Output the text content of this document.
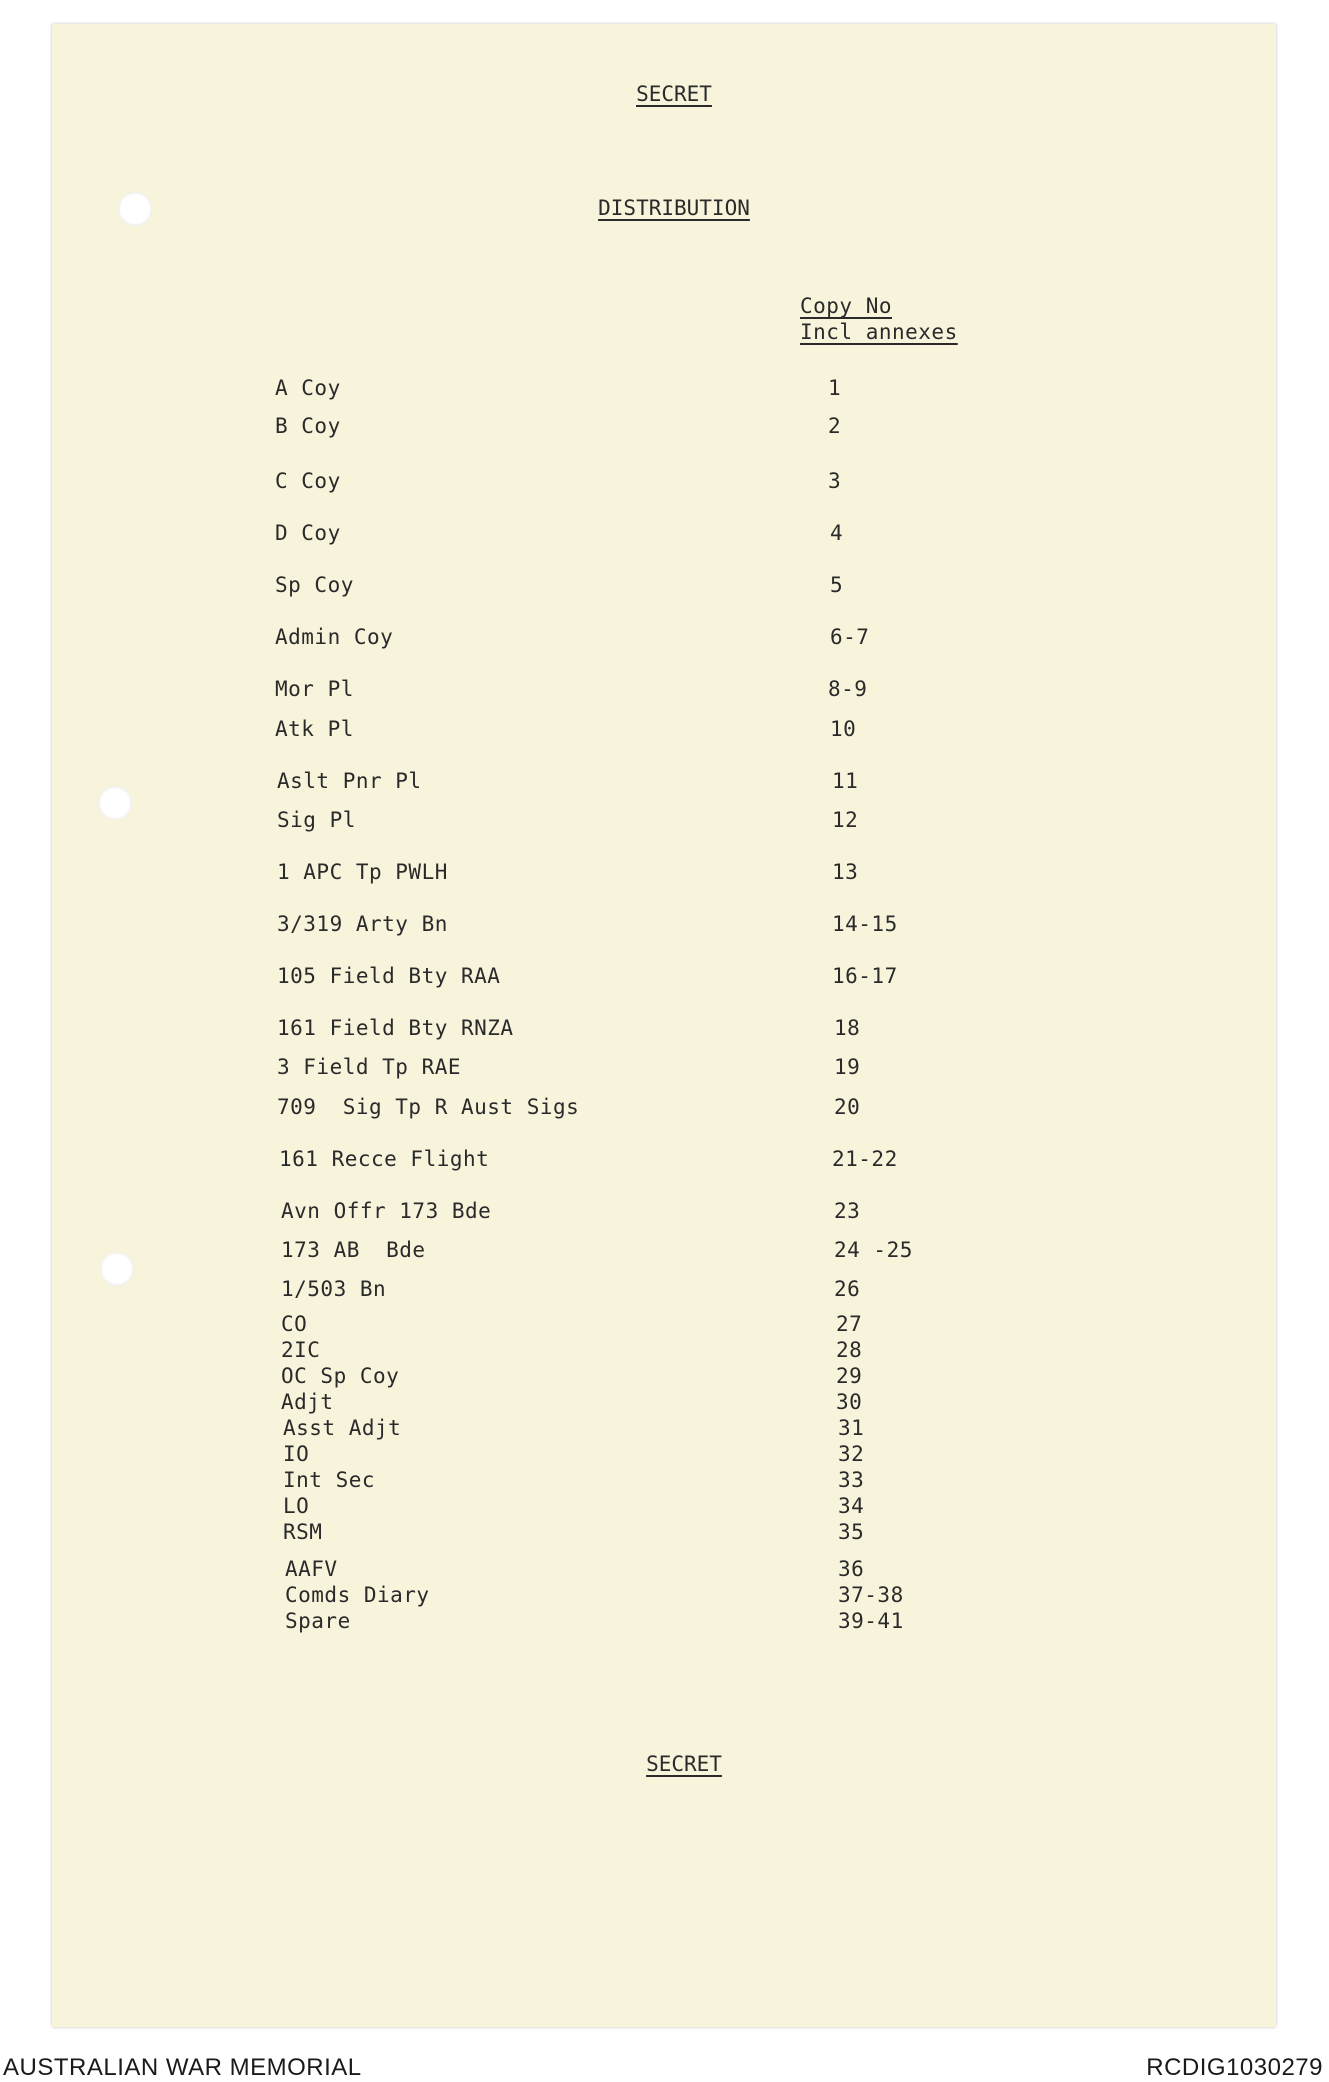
SECRET
DISTRIBUTION
Copy No
Incl annexes
A Coy	1
B Coy	2
C Coy	3
D Coy	4
Sp Coy	5
Admin Coy	6-7
Mor Pl	8-9
Atk Pl	10
Aslt Pnr Pl	11
Sig Pl	12
1 APC Tp PWLH	13
3/319 Arty Bn	14-15
105 Field Bty RAA	16-17
161 Field Bty RNZA	18
3 Field Tp RAE	19
709  Sig Tp R Aust Sigs	20
161 Recce Flight	21-22
Avn Offr 173 Bde	23
173 AB  Bde	24 -25
1/503 Bn	26
CO	27
2IC	28
OC Sp Coy	29
Adjt	30
Asst Adjt	31
IO	32
Int Sec	33
LO	34
RSM	35
AAFV	36
Comds Diary	37-38
Spare	39-41
SECRET
AUSTRALIAN WAR MEMORIAL	RCDIG1030279
